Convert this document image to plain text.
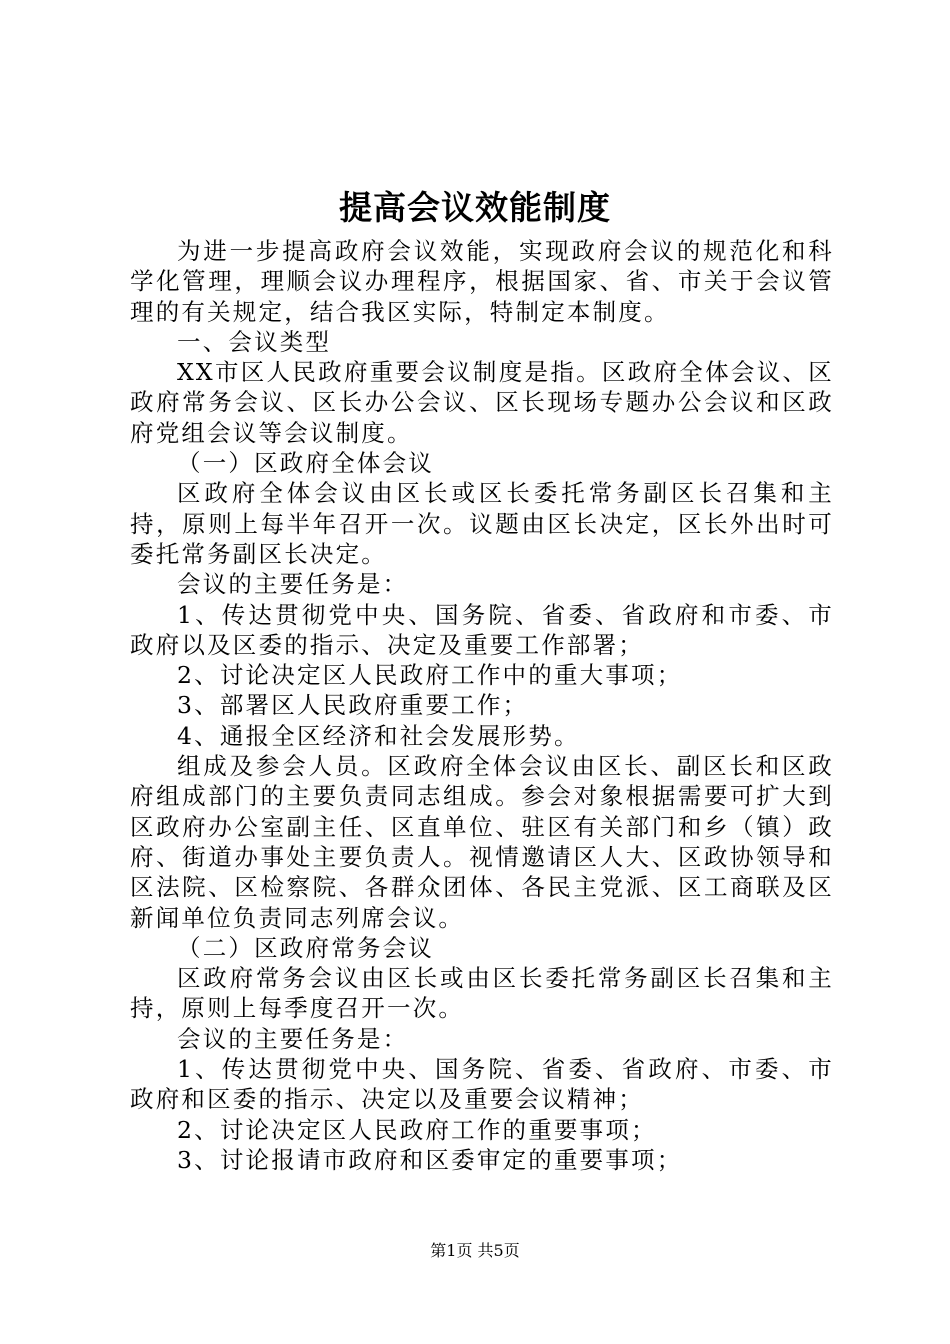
提高会议效能制度

为进一步提高政府会议效能，实现政府会议的规范化和科学化管理，理顺会议办理程序，根据国家、省、市关于会议管理的有关规定，结合我区实际，特制定本制度。

一、会议类型

XX市区人民政府重要会议制度是指。区政府全体会议、区政府常务会议、区长办公会议、区长现场专题办公会议和区政府党组会议等会议制度。

（一）区政府全体会议

区政府全体会议由区长或区长委托常务副区长召集和主持，原则上每半年召开一次。议题由区长决定，区长外出时可委托常务副区长决定。

会议的主要任务是：

1、传达贯彻党中央、国务院、省委、省政府和市委、市政府以及区委的指示、决定及重要工作部署；

2、讨论决定区人民政府工作中的重大事项；

3、部署区人民政府重要工作；

4、通报全区经济和社会发展形势。

组成及参会人员。区政府全体会议由区长、副区长和区政府组成部门的主要负责同志组成。参会对象根据需要可扩大到区政府办公室副主任、区直单位、驻区有关部门和乡（镇）政府、街道办事处主要负责人。视情邀请区人大、区政协领导和区法院、区检察院、各群众团体、各民主党派、区工商联及区新闻单位负责同志列席会议。

（二）区政府常务会议

区政府常务会议由区长或由区长委托常务副区长召集和主持，原则上每季度召开一次。

会议的主要任务是：

1、传达贯彻党中央、国务院、省委、省政府、市委、市政府和区委的指示、决定以及重要会议精神；

2、讨论决定区人民政府工作的重要事项；

3、讨论报请市政府和区委审定的重要事项；

第1页 共5页
